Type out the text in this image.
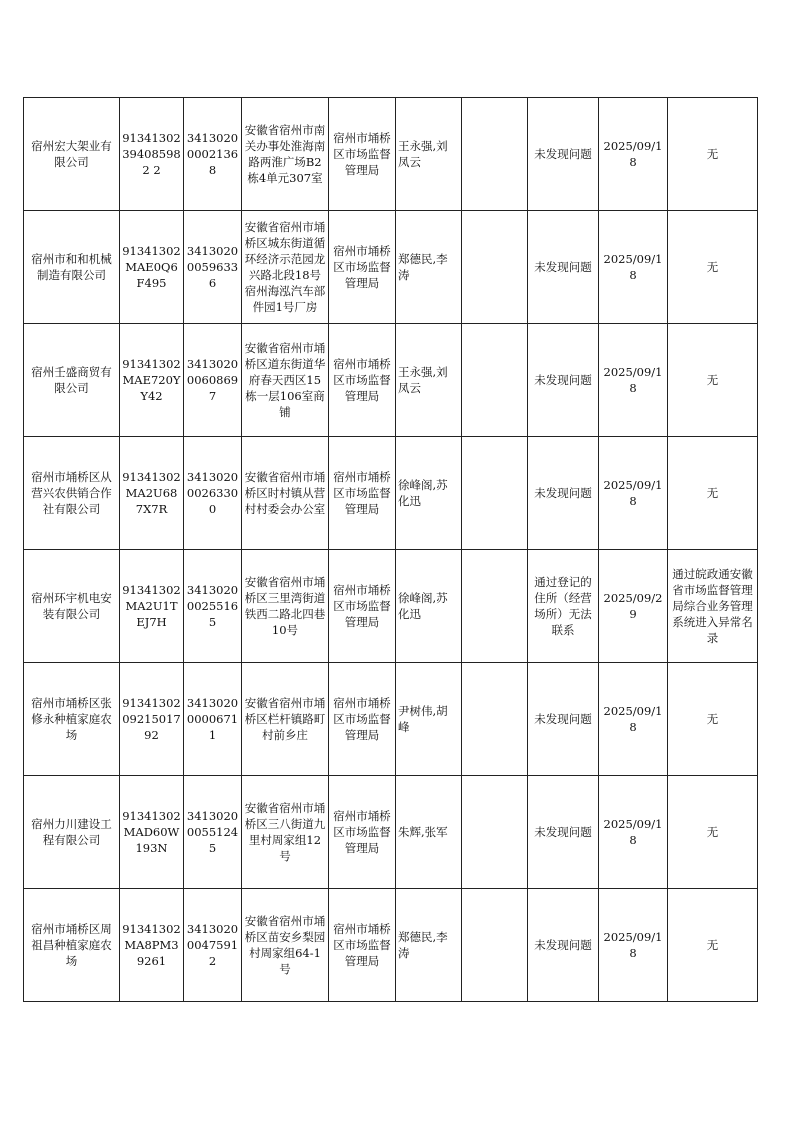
宿州宏大架业有限公司	91341302394085982 2	341302000021368	安徽省宿州市南关办事处淮海南路两淮广场B2栋4单元307室	宿州市埇桥区市场监督管理局	王永强,刘凤云		未发现问题	2025/09/18	无
宿州市和和机械制造有限公司	91341302MAE0Q6F495	341302000596336	安徽省宿州市埇桥区城东街道循环经济示范园龙兴路北段18号宿州海泓汽车部件园1号厂房	宿州市埇桥区市场监督管理局	郑德民,李涛		未发现问题	2025/09/18	无
宿州壬盛商贸有限公司	91341302MAE720YY42	341302000608697	安徽省宿州市埇桥区道东街道华府春天西区15栋一层106室商铺	宿州市埇桥区市场监督管理局	王永强,刘凤云		未发现问题	2025/09/18	无
宿州市埇桥区从营兴农供销合作社有限公司	91341302MA2U687X7R	341302000263300	安徽省宿州市埇桥区时村镇从营村村委会办公室	宿州市埇桥区市场监督管理局	徐峰阁,苏化迅		未发现问题	2025/09/18	无
宿州环宇机电安装有限公司	91341302MA2U1TEJ7H	341302000255165	安徽省宿州市埇桥区三里湾街道铁西二路北四巷10号	宿州市埇桥区市场监督管理局	徐峰阁,苏化迅		通过登记的住所（经营场所）无法联系	2025/09/29	通过皖政通安徽省市场监督管理局综合业务管理系统进入异常名录
宿州市埇桥区张修永种植家庭农场	913413020921501792	341302000006711	安徽省宿州市埇桥区栏杆镇路町村前乡庄	宿州市埇桥区市场监督管理局	尹树伟,胡峰		未发现问题	2025/09/18	无
宿州力川建设工程有限公司	91341302MAD60W193N	341302000551245	安徽省宿州市埇桥区三八街道九里村周家组12号	宿州市埇桥区市场监督管理局	朱辉,张军		未发现问题	2025/09/18	无
宿州市埇桥区周祖昌种植家庭农场	91341302MA8PM39261	341302000475912	安徽省宿州市埇桥区苗安乡梨园村周家组64-1号	宿州市埇桥区市场监督管理局	郑德民,李涛		未发现问题	2025/09/18	无
